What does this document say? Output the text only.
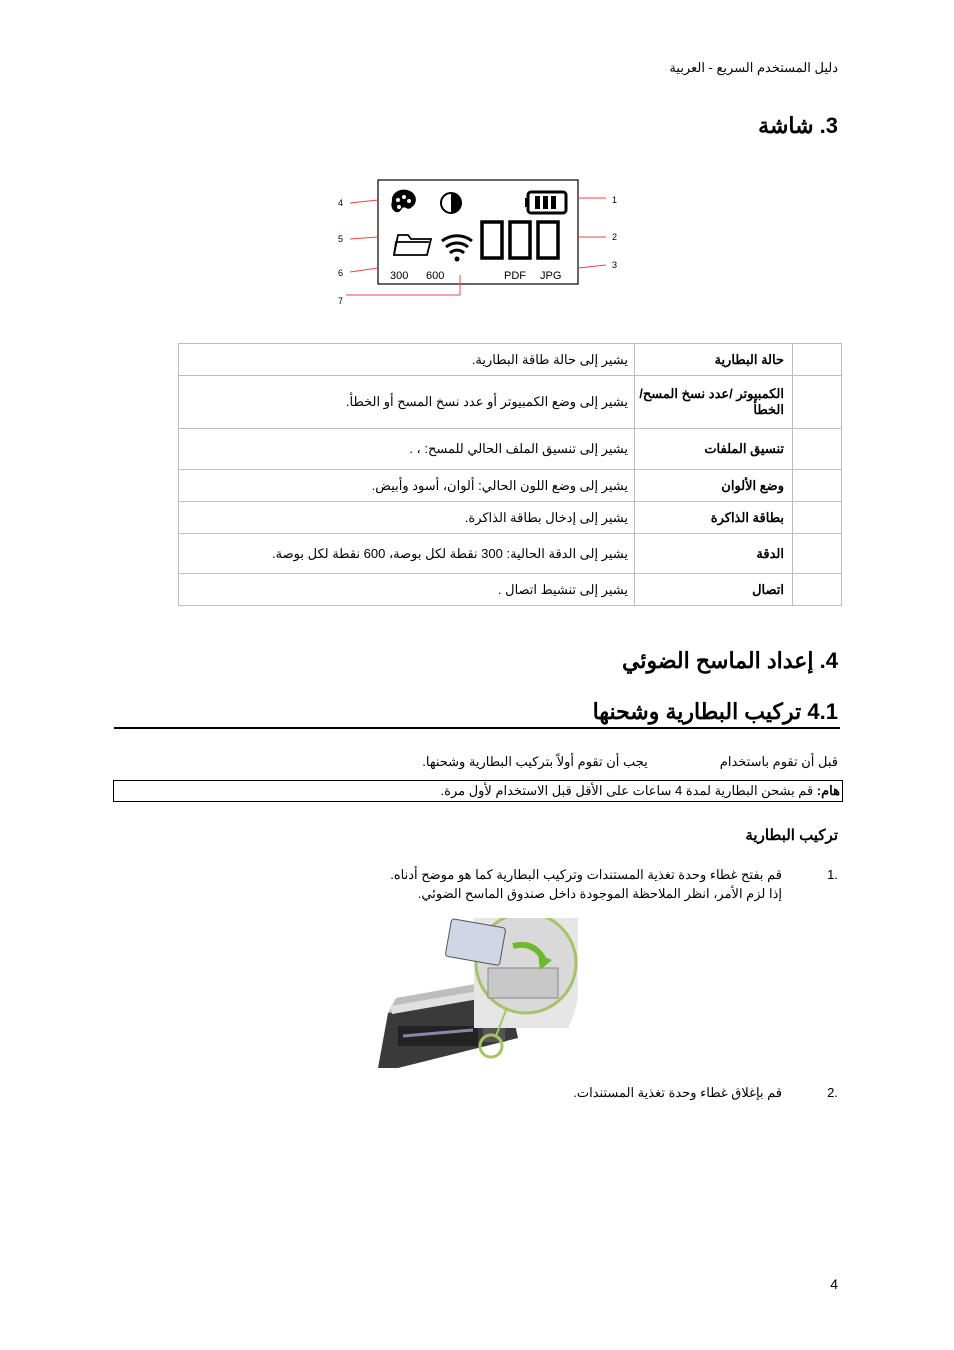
دليل المستخدم السريع - العربية
3. شاشة
300 600	PDF JPG
4
5
6
7
1
2
3
000
	حالة البطارية	يشير إلى حالة طاقة البطارية.
	الكمبيوتر /عدد نسخ المسح/الخطأ	يشير إلى وضع الكمبيوتر أو عدد نسخ المسح أو الخطأ.
	تنسيق الملفات	يشير إلى تنسيق الملف الحالي للمسح: ، .
	وضع الألوان	يشير إلى وضع اللون الحالي: ألوان، أسود وأبيض.
	بطاقة الذاكرة	يشير إلى إدخال بطاقة الذاكرة.
	الدقة	يشير إلى الدقة الحالية: 300 نقطة لكل بوصة، 600 نقطة لكل بوصة.
	اتصال	يشير إلى تنشيط اتصال .
4. إعداد الماسح الضوئي
4.1 تركيب البطارية وشحنها
قبل أن تقوم باستخداميجب أن تقوم أولاً بتركيب البطارية وشحنها.
هام: قم بشحن البطارية لمدة 4 ساعات على الأقل قبل الاستخدام لأول مرة.
تركيب البطارية
1.
قم بفتح غطاء وحدة تغذية المستندات وتركيب البطارية كما هو موضح أدناه.
إذا لزم الأمر، انظر الملاحظة الموجودة داخل صندوق الماسح الضوئي.
2.
قم بإغلاق غطاء وحدة تغذية المستندات.
4
